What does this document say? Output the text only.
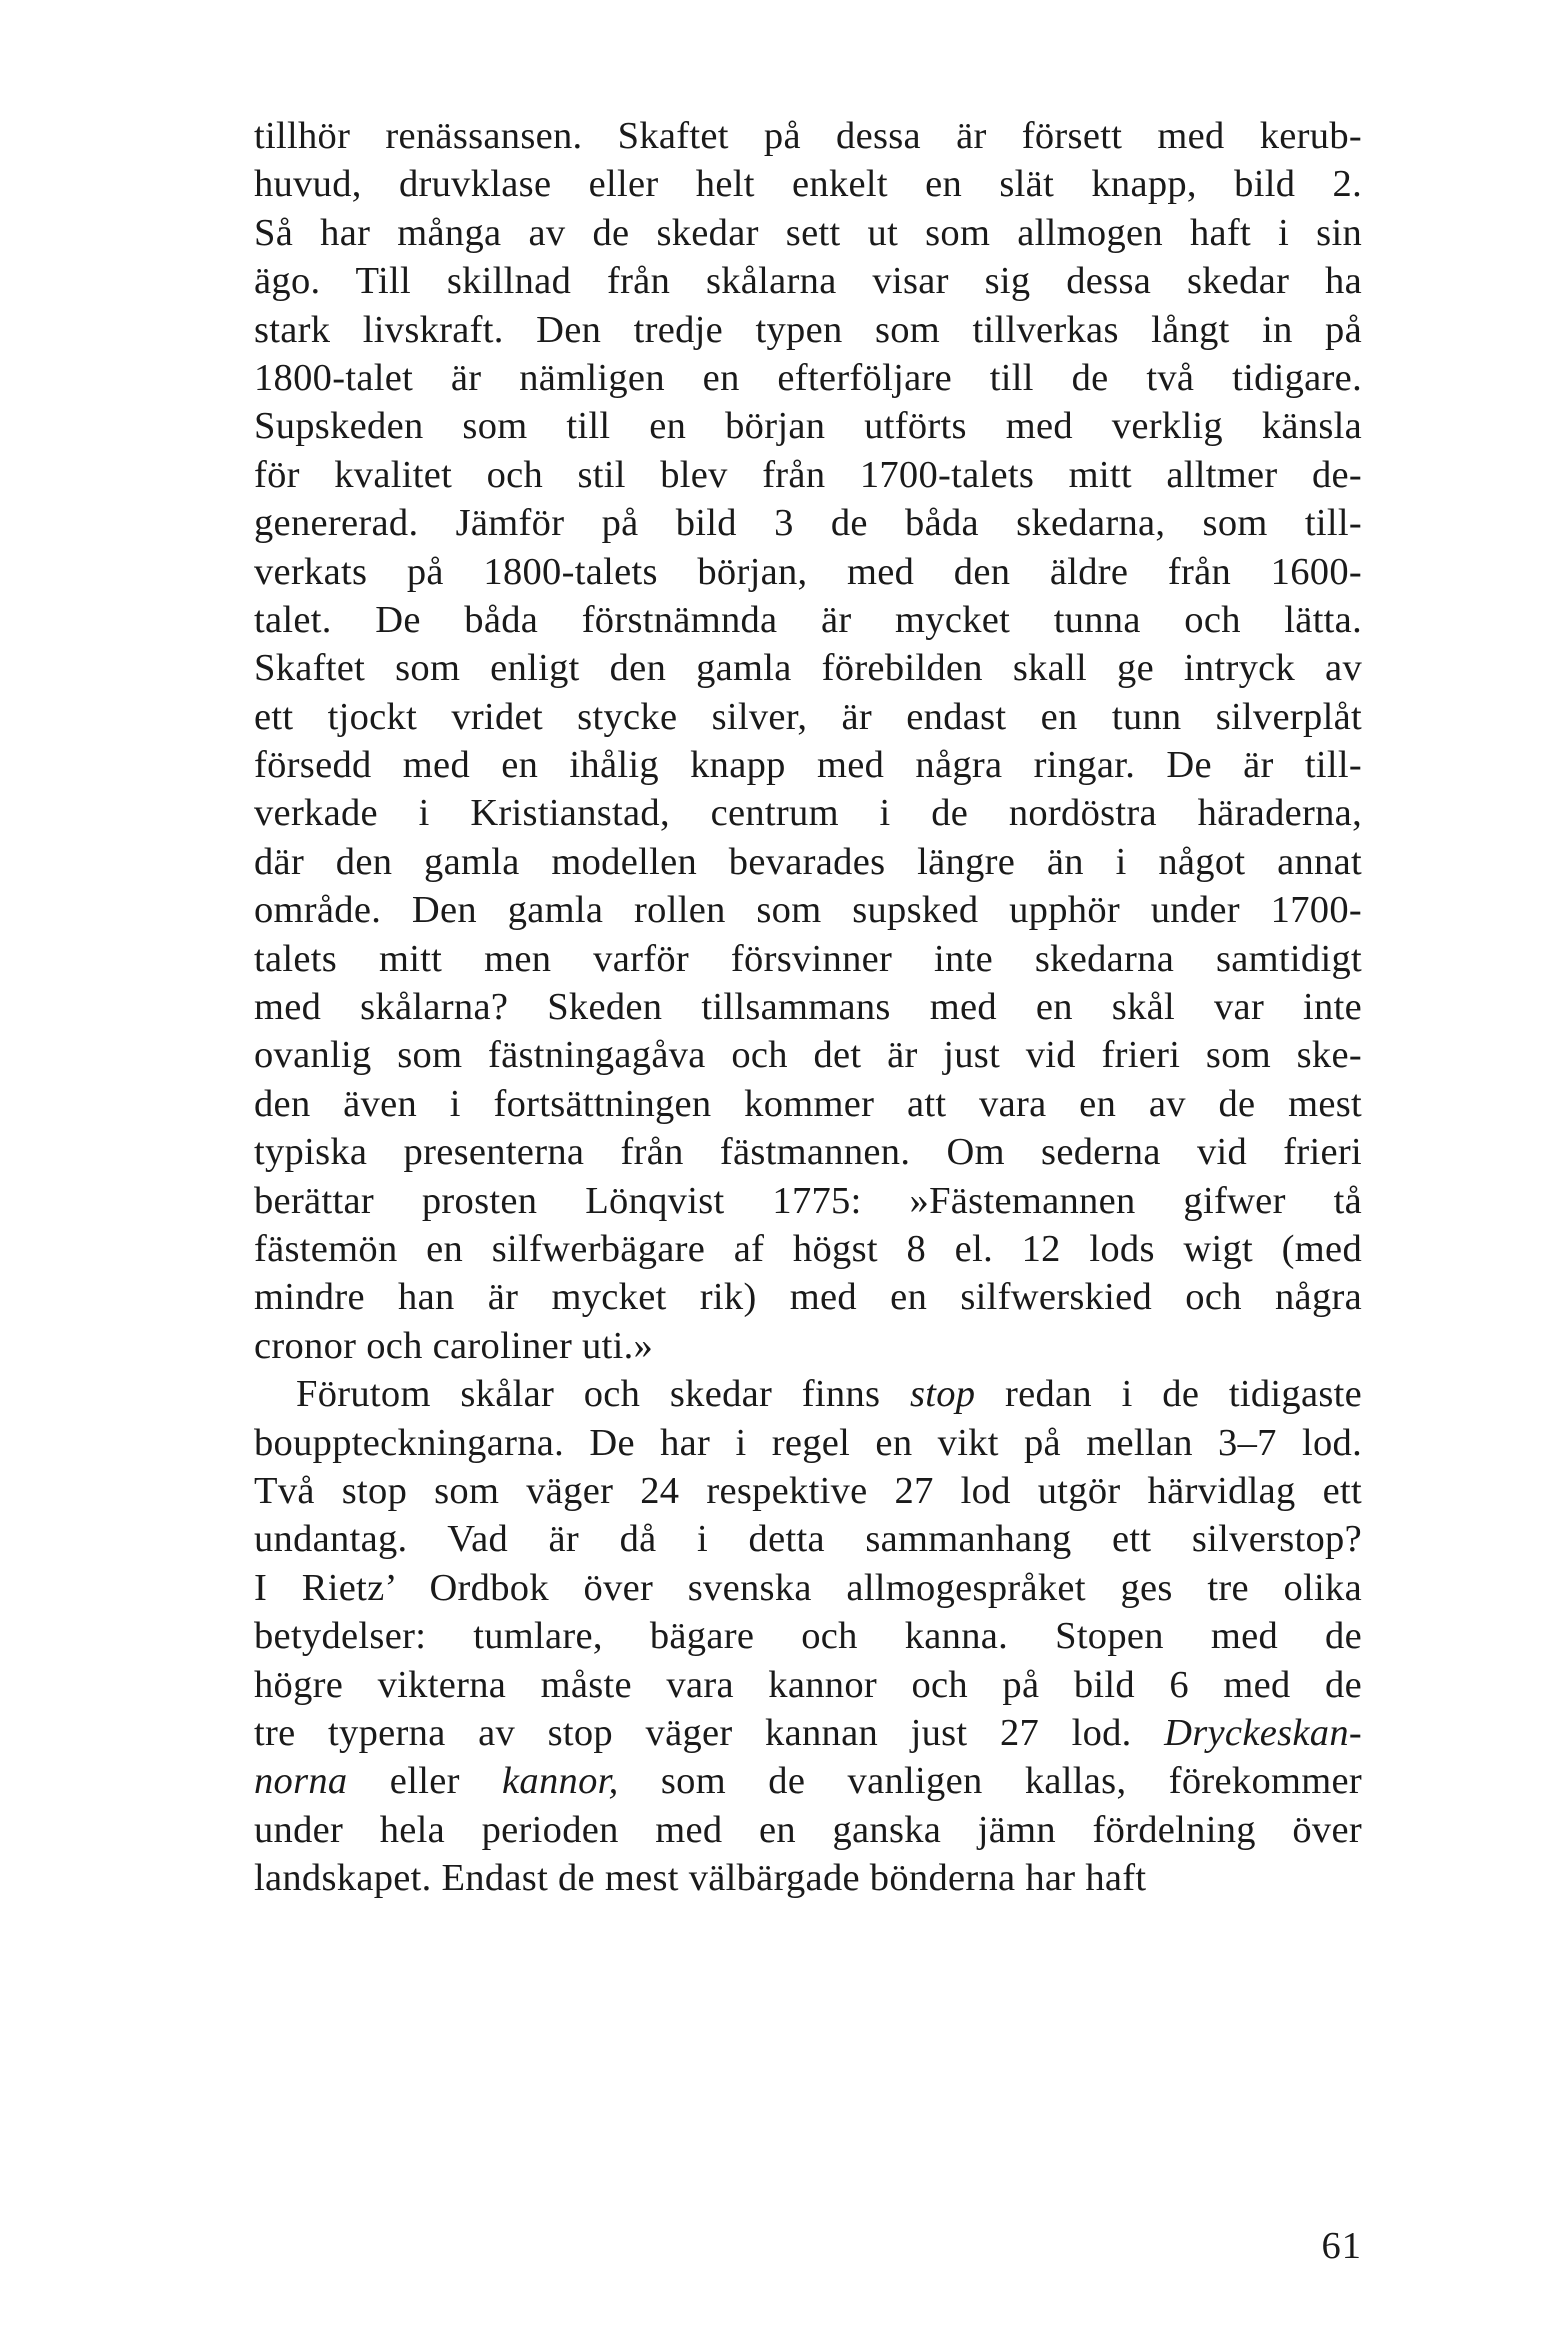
tillhör renässansen. Skaftet på dessa är försett med kerub-
huvud, druvklase eller helt enkelt en slät knapp, bild 2.
Så har många av de skedar sett ut som allmogen haft i sin
ägo. Till skillnad från skålarna visar sig dessa skedar ha
stark livskraft. Den tredje typen som tillverkas långt in på
1800-talet är nämligen en efterföljare till de två tidigare.
Supskeden som till en början utförts med verklig känsla
för kvalitet och stil blev från 1700-talets mitt alltmer de-
genererad. Jämför på bild 3 de båda skedarna, som till-
verkats på 1800-talets början, med den äldre från 1600-
talet. De båda förstnämnda är mycket tunna och lätta.
Skaftet som enligt den gamla förebilden skall ge intryck av
ett tjockt vridet stycke silver, är endast en tunn silverplåt
försedd med en ihålig knapp med några ringar. De är till-
verkade i Kristianstad, centrum i de nordöstra häraderna,
där den gamla modellen bevarades längre än i något annat
område. Den gamla rollen som supsked upphör under 1700-
talets mitt men varför försvinner inte skedarna samtidigt
med skålarna? Skeden tillsammans med en skål var inte
ovanlig som fästningagåva och det är just vid frieri som ske-
den även i fortsättningen kommer att vara en av de mest
typiska presenterna från fästmannen. Om sederna vid frieri
berättar prosten Lönqvist 1775: »Fästemannen gifwer tå
fästemön en silfwerbägare af högst 8 el. 12 lods wigt (med
mindre han är mycket rik) med en silfwerskied och några
cronor och caroliner uti.»
Förutom skålar och skedar finns stop redan i de tidigaste
bouppteckningarna. De har i regel en vikt på mellan 3–7 lod.
Två stop som väger 24 respektive 27 lod utgör härvidlag ett
undantag. Vad är då i detta sammanhang ett silverstop?
I Rietz’ Ordbok över svenska allmogespråket ges tre olika
betydelser: tumlare, bägare och kanna. Stopen med de
högre vikterna måste vara kannor och på bild 6 med de
tre typerna av stop väger kannan just 27 lod. Dryckeskan-
norna eller kannor, som de vanligen kallas, förekommer
under hela perioden med en ganska jämn fördelning över
landskapet. Endast de mest välbärgade bönderna har haft
61
